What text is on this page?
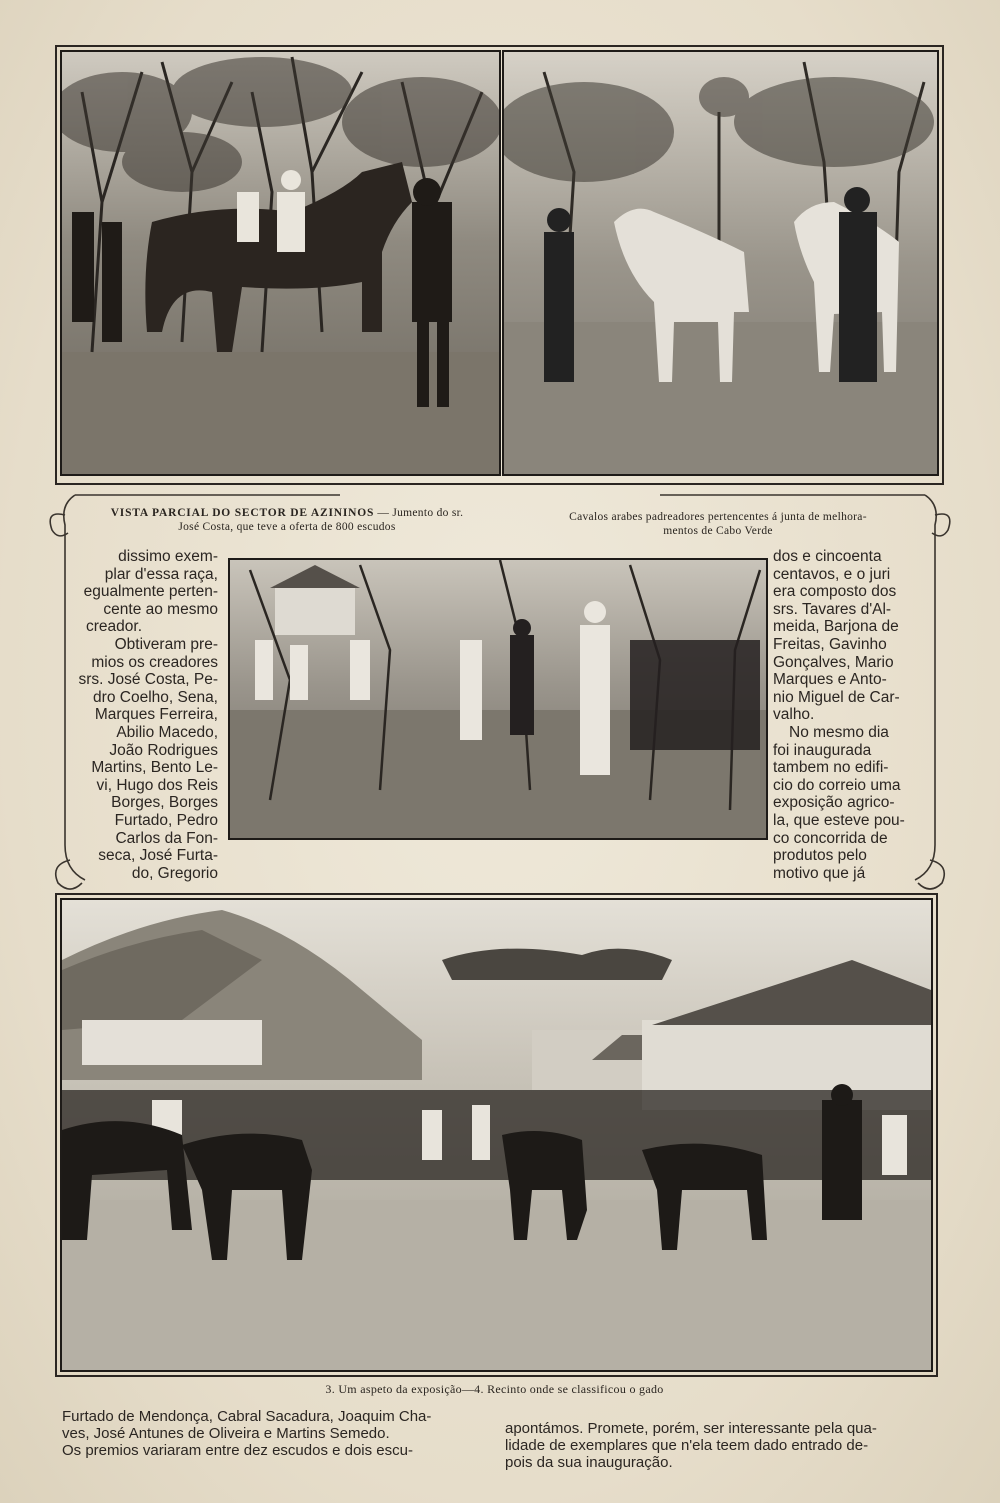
VISTA PARCIAL DO SECTOR DE AZININOS — Jumento do sr.
José Costa, que teve a oferta de 800 escudos
Cavalos arabes padreadores pertencentes á junta de melhora-
mentos de Cabo Verde

dissimo exem-

plar d'essa raça,

egualmente perten-

cente ao mesmo

creador.

Obtiveram pre-

mios os creadores

srs. José Costa, Pe-

dro Coelho, Sena,

Marques Ferreira,

Abilio Macedo,

João Rodrigues

Martins, Bento Le-

vi, Hugo dos Reis

Borges, Borges

Furtado, Pedro

Carlos da Fon-

seca, José Furta-

do, Gregorio

dos e cincoenta

centavos, e o juri

era composto dos

srs. Tavares d'Al-

meida, Barjona de

Freitas, Gavinho

Gonçalves, Mario

Marques e Anto-

nio Miguel de Car-

valho.

No mesmo dia

foi inaugurada

tambem no edifi-

cio do correio uma

exposição agrico-

la, que esteve pou-

co concorrida de

produtos pelo

motivo que já

3. Um aspeto da exposição—4. Recinto onde se classificou o gado
Furtado de Mendonça, Cabral Sacadura, Joaquim Cha-
ves, José Antunes de Oliveira e Martins Semedo.
Os premios variaram entre dez escudos e dois escu-
apontámos. Promete, porém, ser interessante pela qua-
lidade de exemplares que n'ela teem dado entrado de-
pois da sua inauguração.
